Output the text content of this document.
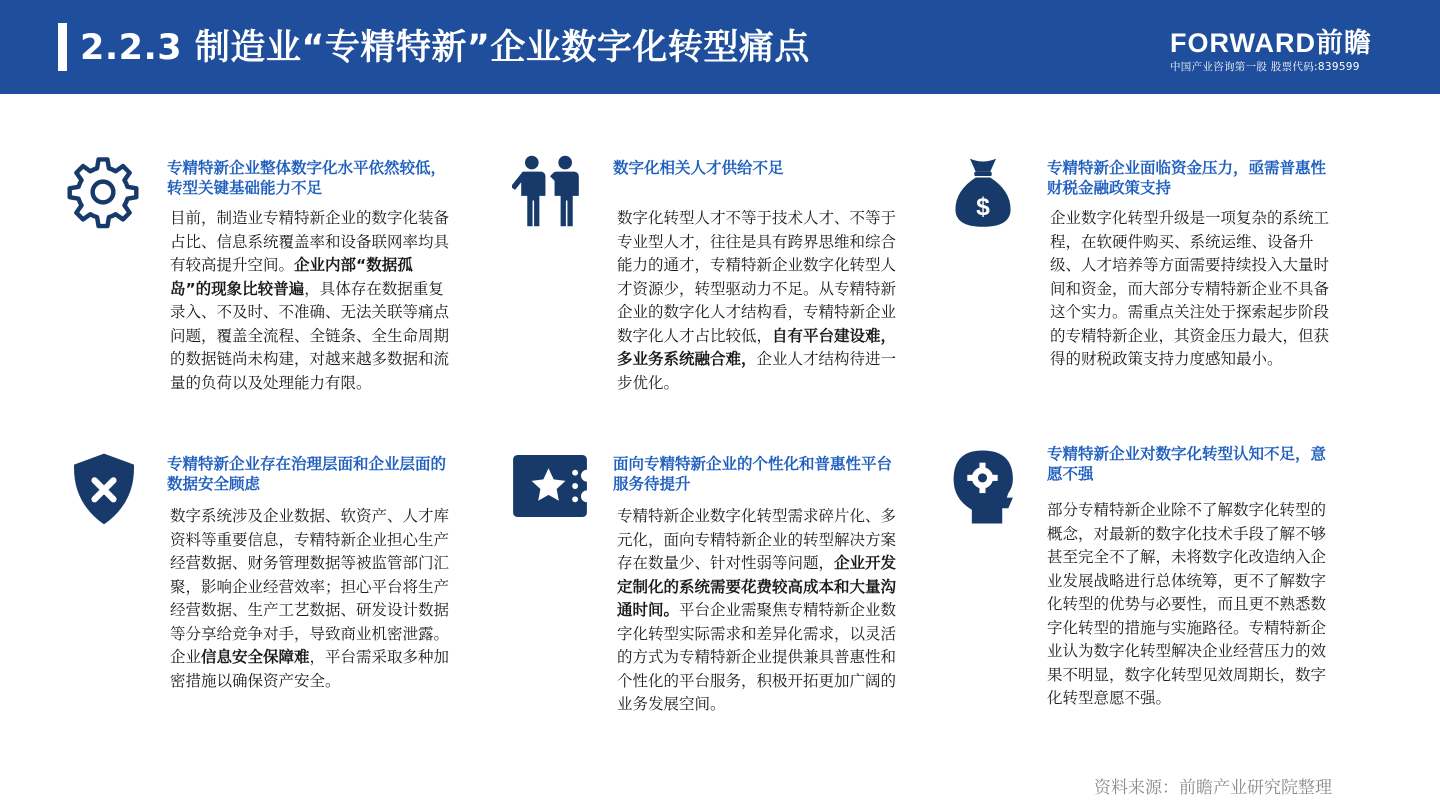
2.2.3 制造业“专精特新”企业数字化转型痛点	FORWARD前瞻
中国产业咨询第一股 股票代码:839599
专精特新企业整体数字化水平依然较低，转型关键基础能力不足
目前，制造业专精特新企业的数字化装备占比、信息系统覆盖率和设备联网率均具有较高提升空间。企业内部“数据孤岛”的现象比较普遍，具体存在数据重复录入、不及时、不准确、无法关联等痛点问题，覆盖全流程、全链条、全生命周期的数据链尚未构建，对越来越多数据和流量的负荷以及处理能力有限。
数字化相关人才供给不足
数字化转型人才不等于技术人才、不等于专业型人才，往往是具有跨界思维和综合能力的通才，专精特新企业数字化转型人才资源少，转型驱动力不足。从专精特新企业的数字化人才结构看，专精特新企业数字化人才占比较低，自有平台建设难，多业务系统融合难，企业人才结构待进一步优化。
$
专精特新企业面临资金压力，亟需普惠性财税金融政策支持
企业数字化转型升级是一项复杂的系统工程，在软硬件购买、系统运维、设备升级、人才培养等方面需要持续投入大量时间和资金，而大部分专精特新企业不具备这个实力。需重点关注处于探索起步阶段的专精特新企业，其资金压力最大，但获得的财税政策支持力度感知最小。
专精特新企业存在治理层面和企业层面的数据安全顾虑
数字系统涉及企业数据、软资产、人才库资料等重要信息，专精特新企业担心生产经营数据、财务管理数据等被监管部门汇聚，影响企业经营效率；担心平台将生产经营数据、生产工艺数据、研发设计数据等分享给竞争对手，导致商业机密泄露。企业信息安全保障难，平台需采取多种加密措施以确保资产安全。
面向专精特新企业的个性化和普惠性平台服务待提升
专精特新企业数字化转型需求碎片化、多元化，面向专精特新企业的转型解决方案存在数量少、针对性弱等问题，企业开发定制化的系统需要花费较高成本和大量沟通时间。平台企业需聚焦专精特新企业数字化转型实际需求和差异化需求，以灵活的方式为专精特新企业提供兼具普惠性和个性化的平台服务，积极开拓更加广阔的业务发展空间。
专精特新企业对数字化转型认知不足，意愿不强
部分专精特新企业除不了解数字化转型的概念，对最新的数字化技术手段了解不够甚至完全不了解，未将数字化改造纳入企业发展战略进行总体统筹，更不了解数字化转型的优势与必要性，而且更不熟悉数字化转型的措施与实施路径。专精特新企业认为数字化转型解决企业经营压力的效果不明显，数字化转型见效周期长，数字化转型意愿不强。
资料来源：前瞻产业研究院整理
